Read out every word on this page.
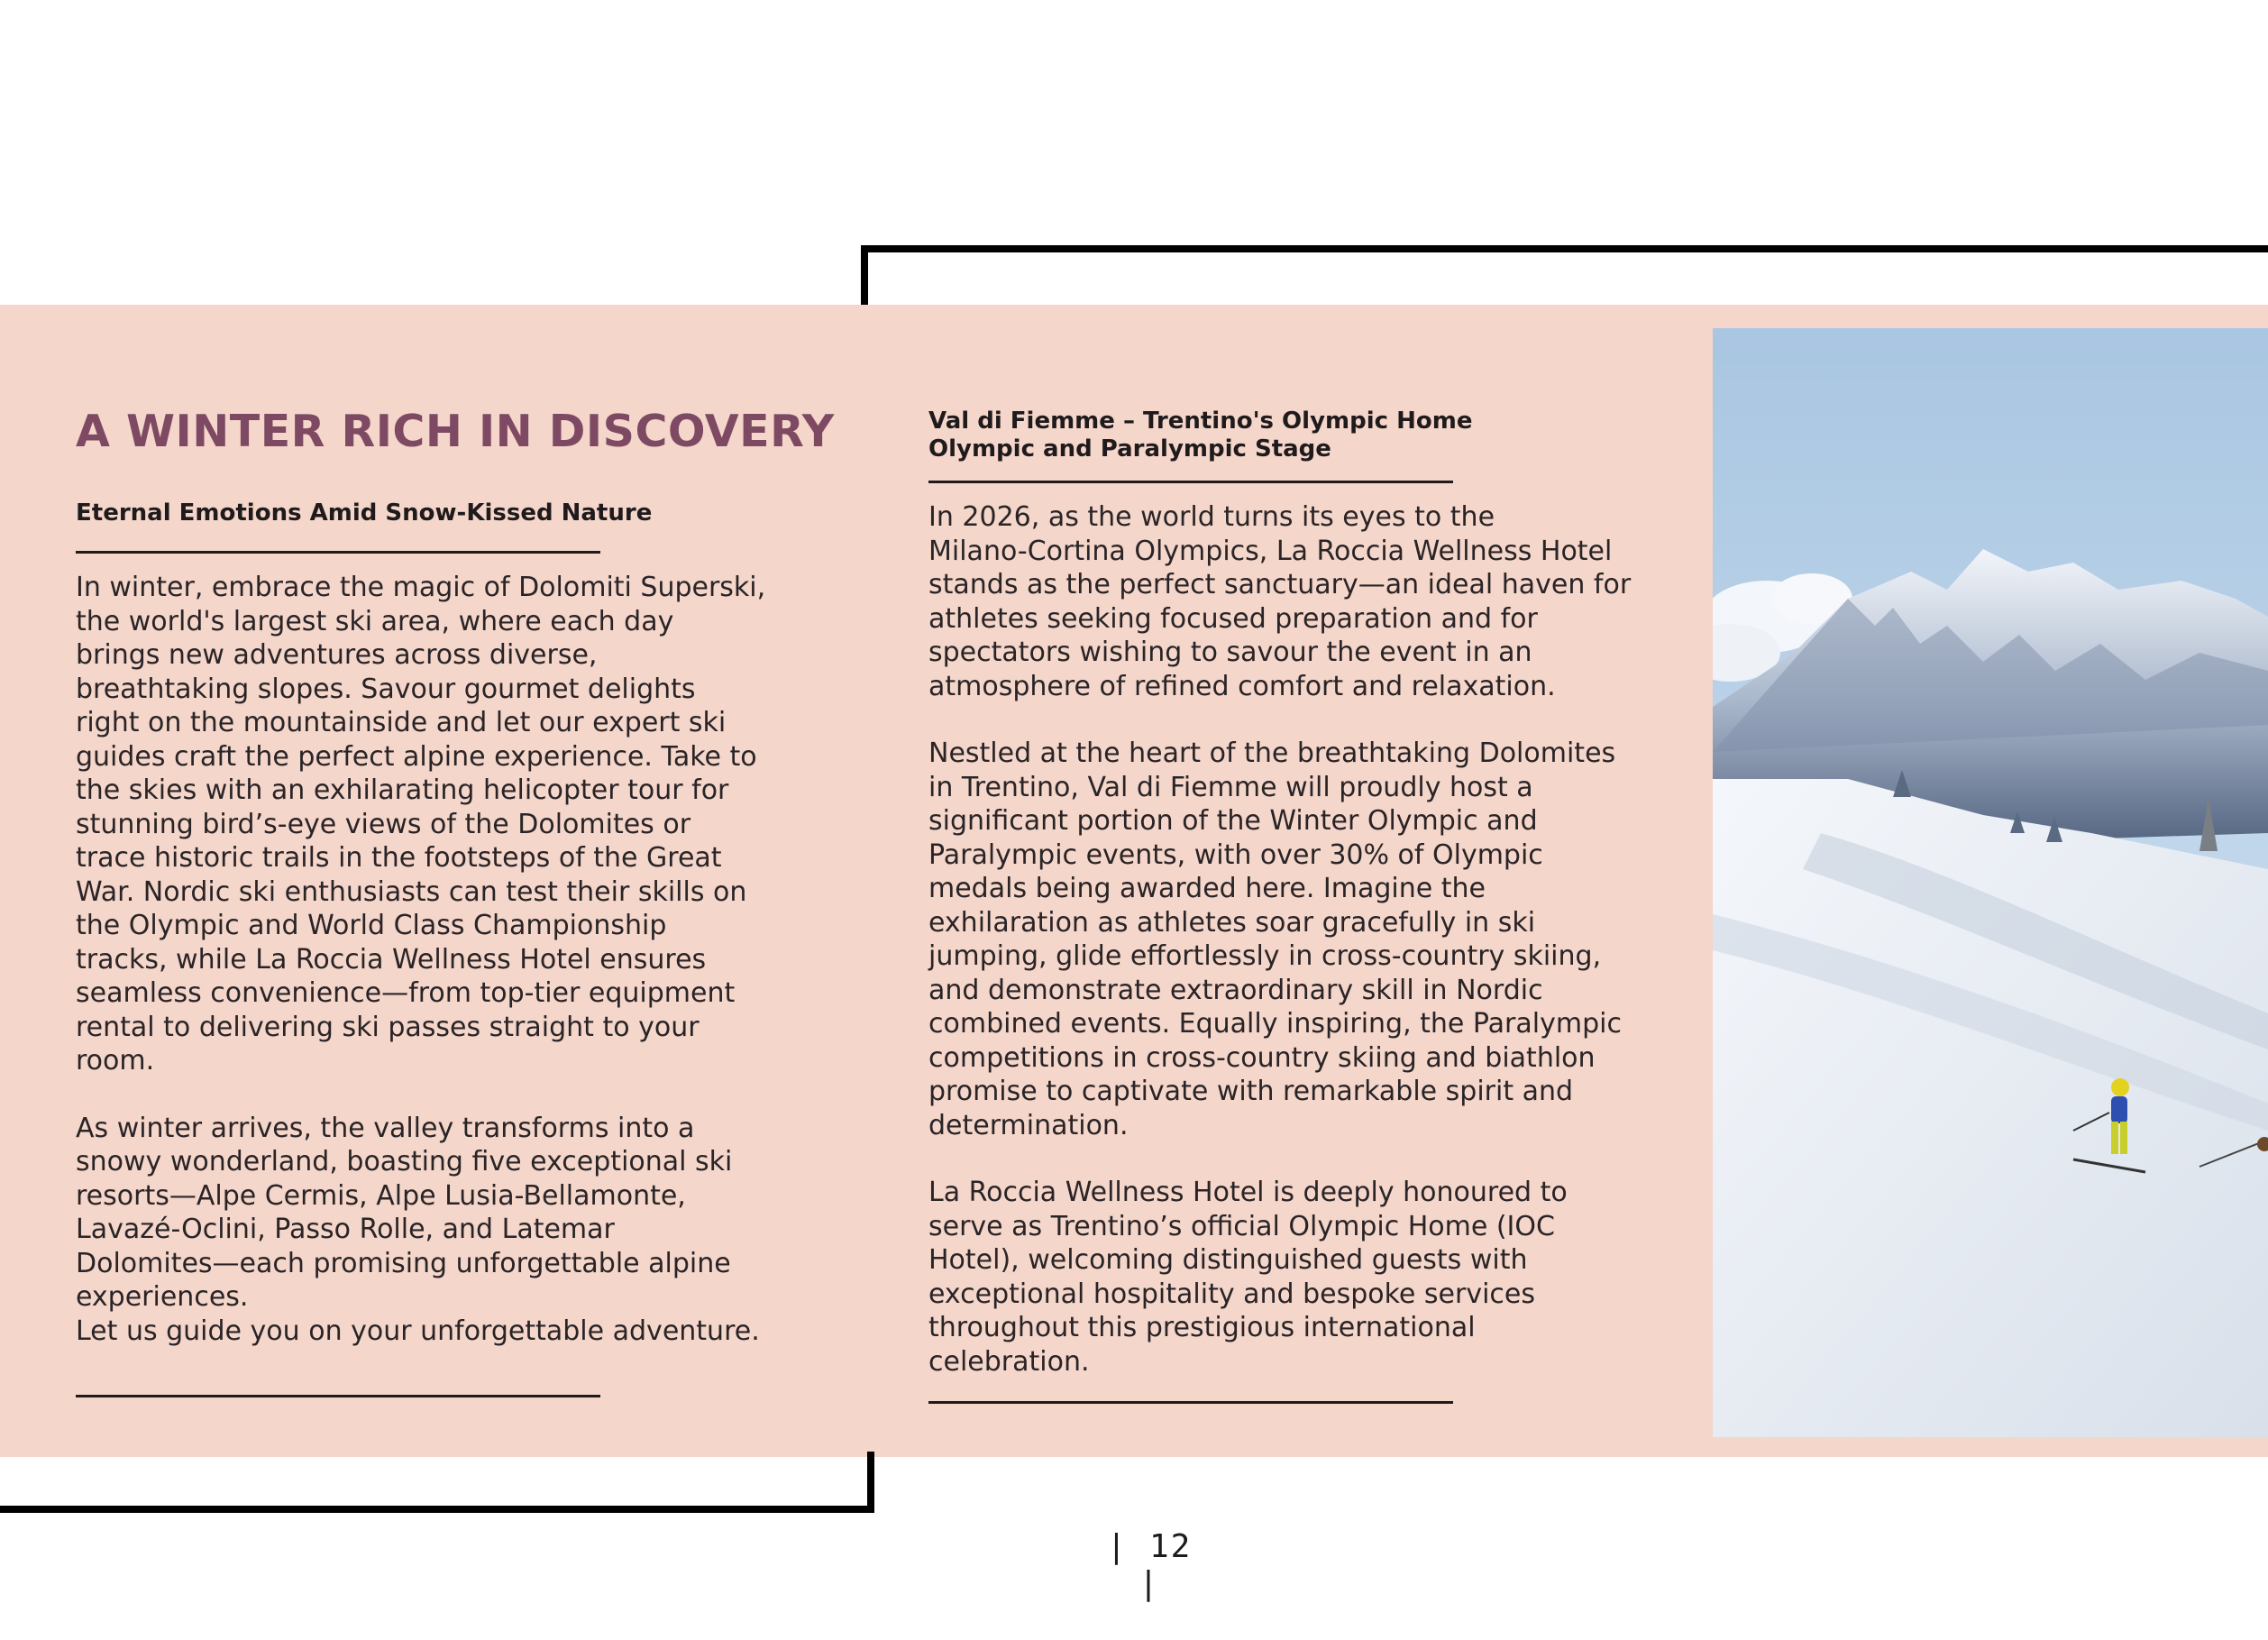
A WINTER RICH IN DISCOVERY

Eternal Emotions Amid Snow-Kissed Nature

In winter, embrace the magic of Dolomiti Superski,

the world's largest ski area, where each day

brings new adventures across diverse,

breathtaking slopes. Savour gourmet delights

right on the mountainside and let our expert ski

guides craft the perfect alpine experience. Take to

the skies with an exhilarating helicopter tour for

stunning bird’s-eye views of the Dolomites or

trace historic trails in the footsteps of the Great

War. Nordic ski enthusiasts can test their skills on

the Olympic and World Class Championship

tracks, while La Roccia Wellness Hotel ensures

seamless convenience—from top-tier equipment

rental to delivering ski passes straight to your

room.

As winter arrives, the valley transforms into a

snowy wonderland, boasting five exceptional ski

resorts—Alpe Cermis, Alpe Lusia-Bellamonte,

Lavazé-Oclini, Passo Rolle, and Latemar

Dolomites—each promising unforgettable alpine

experiences.

Let us guide you on your unforgettable adventure.

Val di Fiemme – Trentino's Olympic Home

Olympic and Paralympic Stage

In 2026, as the world turns its eyes to the

Milano-Cortina Olympics, La Roccia Wellness Hotel

stands as the perfect sanctuary—an ideal haven for

athletes seeking focused preparation and for

spectators wishing to savour the event in an

atmosphere of refined comfort and relaxation.

Nestled at the heart of the breathtaking Dolomites

in Trentino, Val di Fiemme will proudly host a

significant portion of the Winter Olympic and

Paralympic events, with over 30% of Olympic

medals being awarded here. Imagine the

exhilaration as athletes soar gracefully in ski

jumping, glide effortlessly in cross-country skiing,

and demonstrate extraordinary skill in Nordic

combined events. Equally inspiring, the Paralympic

competitions in cross-country skiing and biathlon

promise to captivate with remarkable spirit and

determination.

La Roccia Wellness Hotel is deeply honoured to

serve as Trentino’s official Olympic Home (IOC

Hotel), welcoming distinguished guests with

exceptional hospitality and bespoke services

throughout this prestigious international

celebration.

| 12 |
